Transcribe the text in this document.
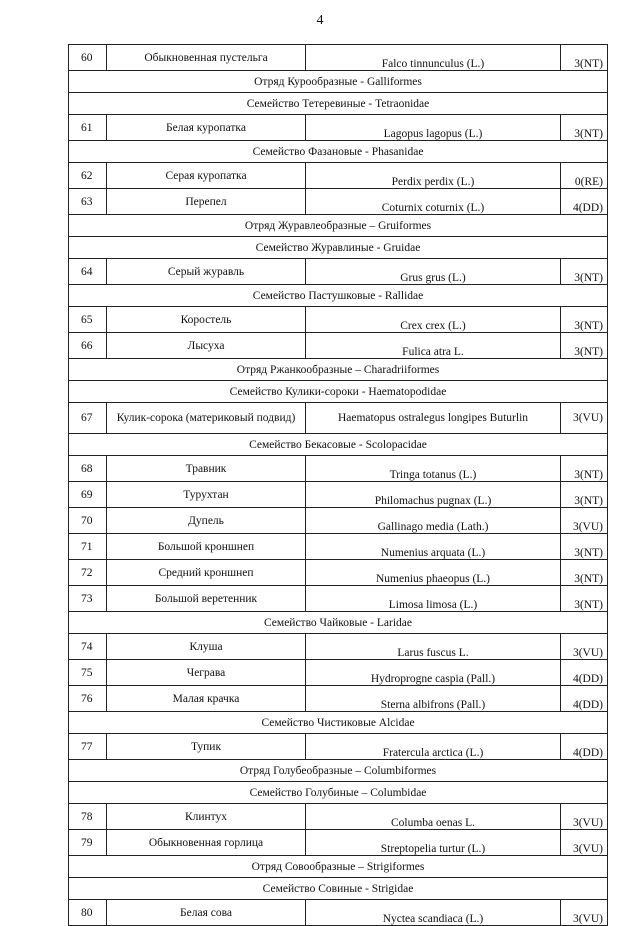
4
60	Обыкновенная пустельга	Falco tinnunculus (L.)	3(NT)
Отряд Курообразные - Galliformes			
Семейство Тетеревиные - Tetraonidae			
61	Белая куропатка	Lagopus lagopus (L.)	3(NT)
Семейство Фазановые - Phasanidae			
62	Серая куропатка	Perdix perdix (L.)	0(RE)
63	Перепел	Coturnix coturnix (L.)	4(DD)
Отряд Журавлеобразные – Gruiformes			
Семейство Журавлиные - Gruidae			
64	Серый журавль	Grus grus (L.)	3(NT)
Семейство Пастушковые - Rallidae			
65	Коростель	Crex crex (L.)	3(NT)
66	Лысуха	Fulica atra L.	3(NT)
Отряд Ржанкообразные – Charadriiformes			
Семейство Кулики-сороки - Haematopodidae			
67	Кулик-сорока (материковый подвид)	Haematopus ostralegus longipes Buturlin	3(VU)
Семейство Бекасовые - Scolopacidae			
68	Травник	Tringa totanus (L.)	3(NT)
69	Турухтан	Philomachus pugnax (L.)	3(NT)
70	Дупель	Gallinago media (Lath.)	3(VU)
71	Большой кроншнеп	Numenius arquata (L.)	3(NT)
72	Средний кроншнеп	Numenius phaeopus (L.)	3(NT)
73	Большой веретенник	Limosa limosa (L.)	3(NT)
Семейство Чайковые - Laridae			
74	Клуша	Larus fuscus L.	3(VU)
75	Чеграва	Hydroprogne caspia (Pall.)	4(DD)
76	Малая крачка	Sterna albifrons (Pall.)	4(DD)
Семейство Чистиковые Alcidae			
77	Тупик	Fratercula arctica (L.)	4(DD)
Отряд Голубеобразные – Columbiformes			
Семейство Голубиные – Columbidae			
78	Клинтух	Columba oenas L.	3(VU)
79	Обыкновенная горлица	Streptopelia turtur (L.)	3(VU)
Отряд Совообразные – Strigiformes			
Семейство Совиные - Strigidae			
80	Белая сова	Nyctea scandiaca (L.)	3(VU)
